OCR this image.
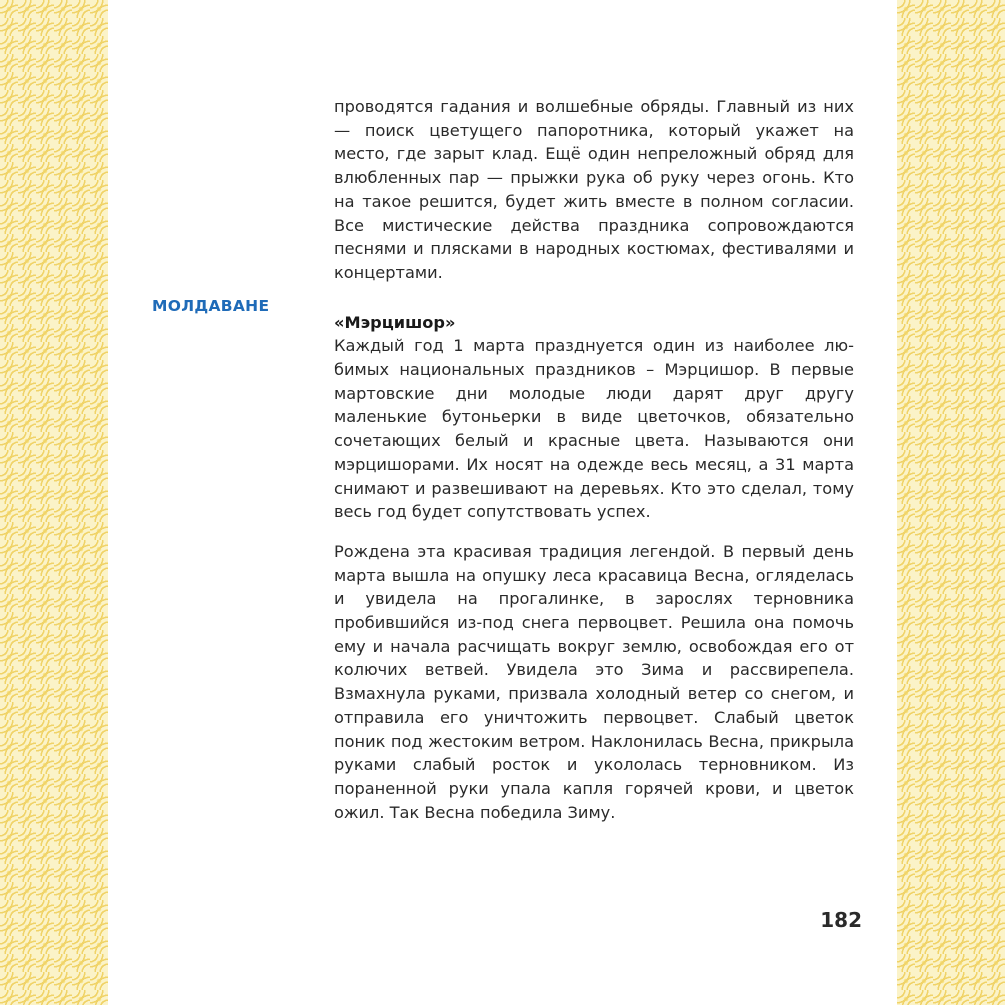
МОЛДАВАНЕ

проводятся гадания и волшебные обряды. Главный из них — поиск цветущего папоротника, который укажет на место, где зарыт клад. Ещё один непреложный обряд для влюбленных пар — прыжки рука об руку через огонь. Кто на такое решится, будет жить вместе в полном согласии. Все мистические действа праздника сопровождаются песнями и плясками в народных костюмах, фестивалями и концертами.

«Мэрцишор»

Каждый год 1 марта празднуется один из наиболее любимых национальных праздников – Мэрцишор. В первые мартовские дни молодые люди дарят друг другу маленькие бутоньерки в виде цветочков, обязательно сочетающих белый и красные цвета. Называются они мэрцишорами. Их носят на одежде весь месяц, а 31 марта снимают и развешивают на деревьях. Кто это сделал, тому весь год будет сопутствовать успех.

Рождена эта красивая традиция легендой. В первый день марта вышла на опушку леса красавица Весна, огляделась и увидела на прогалинке, в зарослях терновника пробившийся из-под снега первоцвет. Решила она помочь ему и начала расчищать вокруг землю, освобождая его от колючих ветвей. Увидела это Зима и рассвирепела. Взмахнула руками, призвала холодный ветер со снегом, и отправила его уничтожить первоцвет. Слабый цветок поник под жестоким ветром. Наклонилась Весна, прикрыла руками слабый росток и укололась терновником. Из пораненной руки упала капля горячей крови, и цветок ожил. Так Весна победила Зиму.

182
